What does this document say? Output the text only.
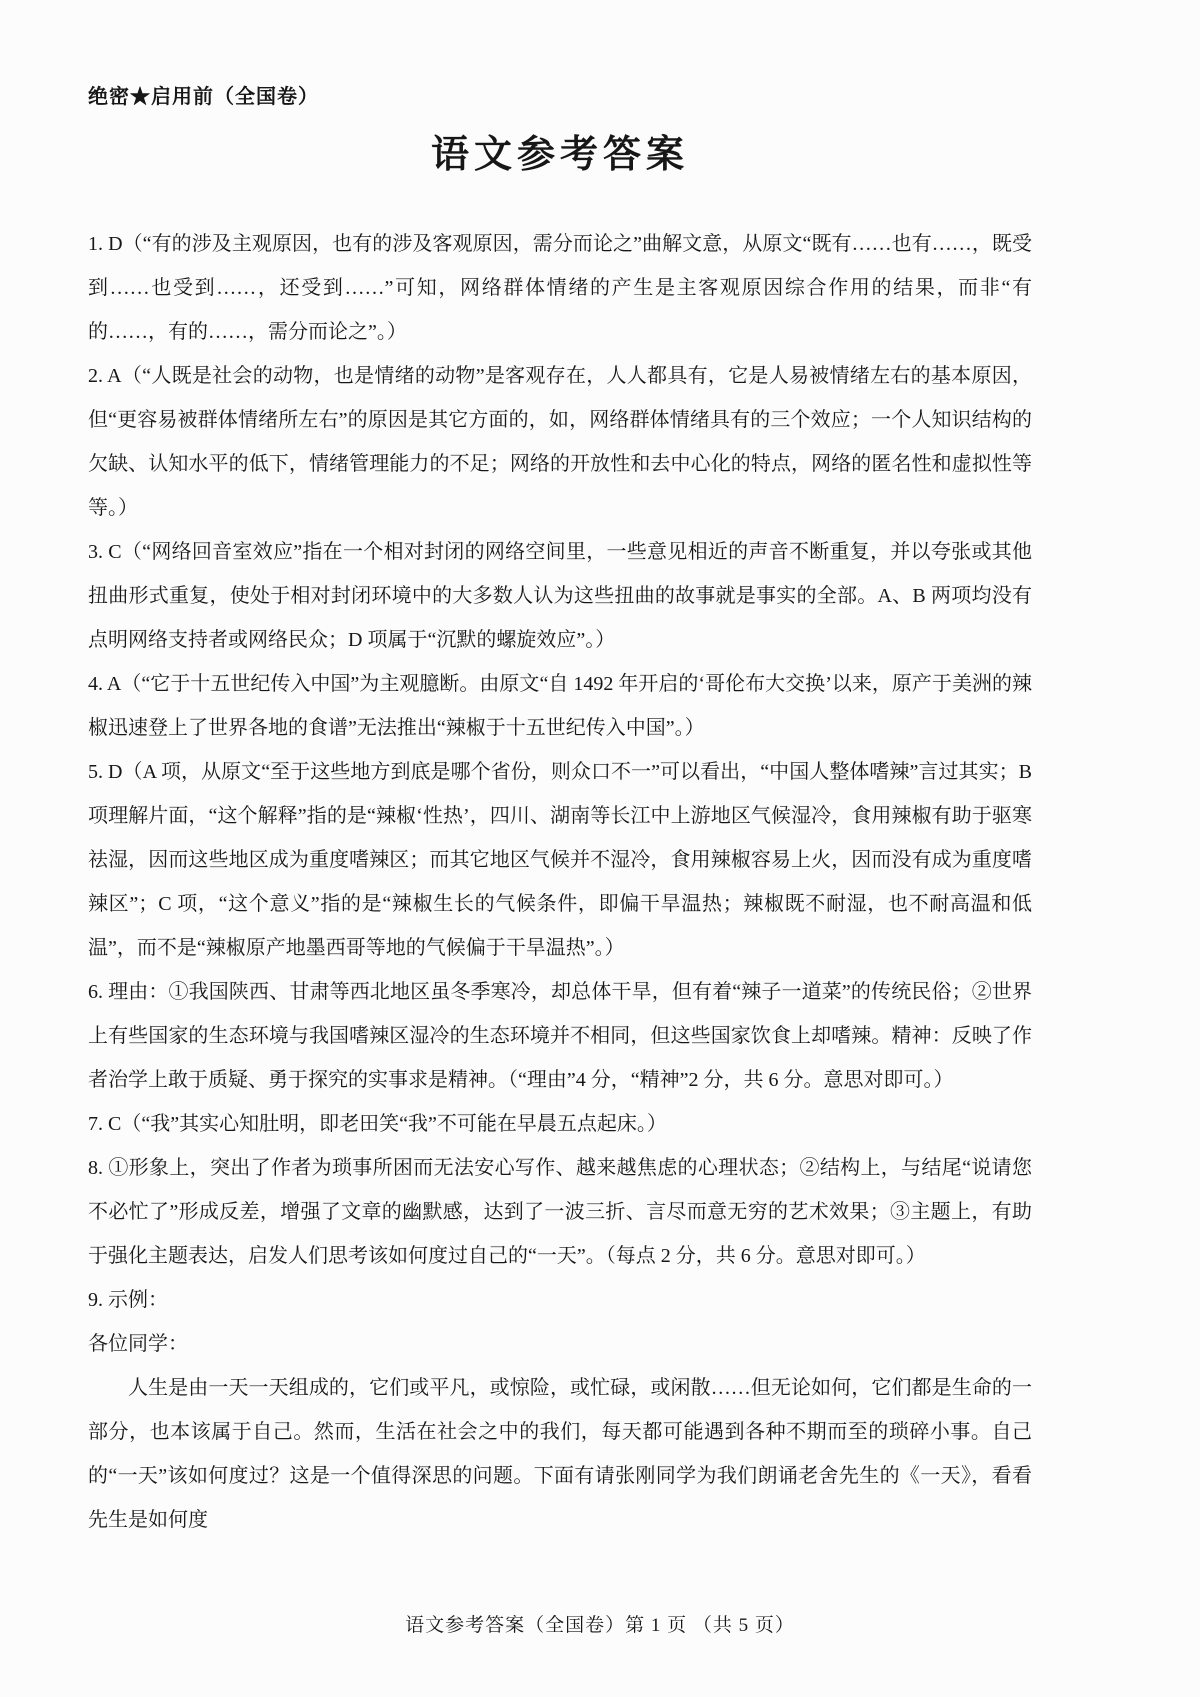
绝密★启用前（全国卷）

语文参考答案

1. D（“有的涉及主观原因，也有的涉及客观原因，需分而论之”曲解文意，从原文“既有……也有……，既受到……也受到……，还受到……”可知，网络群体情绪的产生是主客观原因综合作用的结果，而非“有的……，有的……，需分而论之”。）

2. A（“人既是社会的动物，也是情绪的动物”是客观存在，人人都具有，它是人易被情绪左右的基本原因，但“更容易被群体情绪所左右”的原因是其它方面的，如，网络群体情绪具有的三个效应；一个人知识结构的欠缺、认知水平的低下，情绪管理能力的不足；网络的开放性和去中心化的特点，网络的匿名性和虚拟性等等。）

3. C（“网络回音室效应”指在一个相对封闭的网络空间里，一些意见相近的声音不断重复，并以夸张或其他扭曲形式重复，使处于相对封闭环境中的大多数人认为这些扭曲的故事就是事实的全部。A、B 两项均没有点明网络支持者或网络民众；D 项属于“沉默的螺旋效应”。）

4. A（“它于十五世纪传入中国”为主观臆断。由原文“自 1492 年开启的‘哥伦布大交换’以来，原产于美洲的辣椒迅速登上了世界各地的食谱”无法推出“辣椒于十五世纪传入中国”。）

5. D（A 项，从原文“至于这些地方到底是哪个省份，则众口不一”可以看出，“中国人整体嗜辣”言过其实；B 项理解片面，“这个解释”指的是“辣椒‘性热’，四川、湖南等长江中上游地区气候湿冷，食用辣椒有助于驱寒祛湿，因而这些地区成为重度嗜辣区；而其它地区气候并不湿冷，食用辣椒容易上火，因而没有成为重度嗜辣区”；C 项，“这个意义”指的是“辣椒生长的气候条件，即偏干旱温热；辣椒既不耐湿，也不耐高温和低温”，而不是“辣椒原产地墨西哥等地的气候偏于干旱温热”。）

6. 理由：①我国陕西、甘肃等西北地区虽冬季寒冷，却总体干旱，但有着“辣子一道菜”的传统民俗；②世界上有些国家的生态环境与我国嗜辣区湿冷的生态环境并不相同，但这些国家饮食上却嗜辣。精神：反映了作者治学上敢于质疑、勇于探究的实事求是精神。（“理由”4 分，“精神”2 分，共 6 分。意思对即可。）

7. C（“我”其实心知肚明，即老田笑“我”不可能在早晨五点起床。）

8. ①形象上，突出了作者为琐事所困而无法安心写作、越来越焦虑的心理状态；②结构上，与结尾“说请您不必忙了”形成反差，增强了文章的幽默感，达到了一波三折、言尽而意无穷的艺术效果；③主题上，有助于强化主题表达，启发人们思考该如何度过自己的“一天”。（每点 2 分，共 6 分。意思对即可。）

9. 示例：

各位同学：

人生是由一天一天组成的，它们或平凡，或惊险，或忙碌，或闲散……但无论如何，它们都是生命的一部分，也本该属于自己。然而，生活在社会之中的我们，每天都可能遇到各种不期而至的琐碎小事。自己的“一天”该如何度过？这是一个值得深思的问题。下面有请张刚同学为我们朗诵老舍先生的《一天》，看看先生是如何度

语文参考答案（全国卷）第 1 页 （共 5 页）
